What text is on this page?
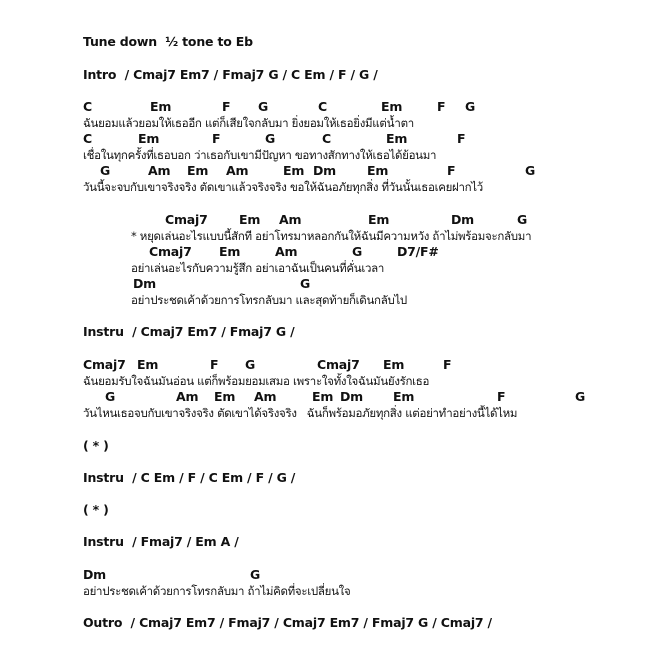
Tune down  ½ tone to Eb
Intro  / Cmaj7 Em7 / Fmaj7 G / C Em / F / G /
C	Em	F G	C	Em	F G
ฉันยอมแล้วยอมให้เธออีก แต่ก็เสียใจกลับมา ยิ่งยอมให้เธอยิ่งมีแต่น้ำตา
C	Em	F	G	C	Em	F
เชื่อในทุกครั้งที่เธอบอก ว่าเธอกับเขามีปัญหา ขอทางสักทางให้เธอได้ย้อนมา
G	Am Em Am	Em Dm Em	F	G
วันนี้จะจบกับเขาจริงจริง ตัดเขาแล้วจริงจริง ขอให้ฉันอภัยทุกสิ่ง ที่วันนั้นเธอเคยฝากไว้
Cmaj7	Em Am	Em	Dm	G
* หยุดเล่นอะไรแบบนี้สักที อย่าโทรมาหลอกกันให้ฉันมีความหวัง ถ้าไม่พร้อมจะกลับมา
Cmaj7 Em	Am	G	D7/F#
อย่าเล่นอะไรกับความรู้สึก อย่าเอาฉันเป็นคนที่คั่นเวลา
Dm	G
อย่าประชดเค้าด้วยการโทรกลับมา และสุดท้ายก็เดินกลับไป
Instru  / Cmaj7 Em7 / Fmaj7 G /
Cmaj7 Em	F G	Cmaj7 Em	F
ฉันยอมรับใจฉันมันอ่อน แต่ก็พร้อมยอมเสมอ เพราะใจทั้งใจฉันมันยังรักเธอ
G	Am Em Am	Em Dm Em	F	G
วันไหนเธอจบกับเขาจริงจริง ตัดเขาได้จริงจริง   ฉันก็พร้อมอภัยทุกสิ่ง แต่อย่าทำอย่างนี้ได้ไหม
( * )
Instru  / C Em / F / C Em / F / G /
( * )
Instru  / Fmaj7 / Em A /
Dm	G
อย่าประชดเค้าด้วยการโทรกลับมา ถ้าไม่คิดที่จะเปลี่ยนใจ
Outro  / Cmaj7 Em7 / Fmaj7 / Cmaj7 Em7 / Fmaj7 G / Cmaj7 /
